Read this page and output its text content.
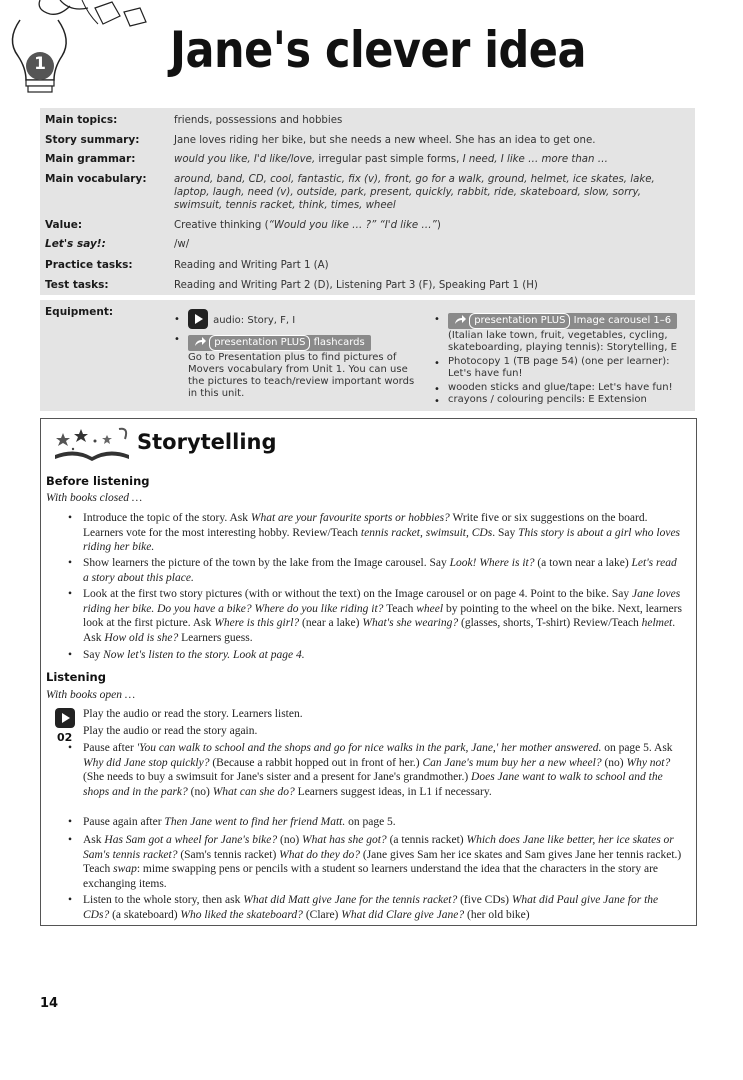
1	Jane's clever idea
Main topics:	friends, possessions and hobbies
Story summary:	Jane loves riding her bike, but she needs a new wheel. She has an idea to get one.
Main grammar:	would you like, I'd like/love, irregular past simple forms, I need, I like … more than …
Main vocabulary:	around, band, CD, cool, fantastic, fix (v), front, go for a walk, ground, helmet, ice skates, lake, laptop, laugh, need (v), outside, park, present, quickly, rabbit, ride, skateboard, slow, sorry, swimsuit, tennis racket, think, times, wheel
Value:	Creative thinking (“Would you like … ?” “I'd like …”)
Let's say!:	/w/
Practice tasks:	Reading and Writing Part 1 (A)
Test tasks:	Reading and Writing Part 2 (D), Listening Part 3 (F), Speaking Part 1 (H)
Equipment:
•	audio: Story, F, I
•	presentation PLUS flashcards
Go to Presentation plus to find pictures of Movers vocabulary from Unit 1. You can use the pictures to teach/review important words in this unit.
•	presentation PLUS Image carousel 1–6
(Italian lake town, fruit, vegetables, cycling, skateboarding, playing tennis): Storytelling, E
• Photocopy 1 (TB page 54) (one per learner): Let's have fun!
• wooden sticks and glue/tape: Let's have fun!
• crayons / colouring pencils: E Extension
Storytelling
Before listening
With books closed …
• Introduce the topic of the story. Ask What are your favourite sports or hobbies? Write five or six suggestions on the board. Learners vote for the most interesting hobby. Review/Teach tennis racket, swimsuit, CDs. Say This story is about a girl who loves riding her bike.
• Show learners the picture of the town by the lake from the Image carousel. Say Look! Where is it? (a town near a lake) Let's read a story about this place.
• Look at the first two story pictures (with or without the text) on the Image carousel or on page 4. Point to the bike. Say Jane loves riding her bike. Do you have a bike? Where do you like riding it? Teach wheel by pointing to the wheel on the bike. Next, learners look at the first picture. Ask Where is this girl? (near a lake) What's she wearing? (glasses, shorts, T-shirt) Review/Teach helmet. Ask How old is she? Learners guess.
• Say Now let's listen to the story. Look at page 4.
Listening
With books open …
02
Play the audio or read the story. Learners listen.
Play the audio or read the story again.
• Pause after 'You can walk to school and the shops and go for nice walks in the park, Jane,' her mother answered. on page 5. Ask Why did Jane stop quickly? (Because a rabbit hopped out in front of her.) Can Jane's mum buy her a new wheel? (no) Why not? (She needs to buy a swimsuit for Jane's sister and a present for Jane's grandmother.) Does Jane want to walk to school and the shops and in the park? (no) What can she do? Learners suggest ideas, in L1 if necessary.
• Pause again after Then Jane went to find her friend Matt. on page 5.
• Ask Has Sam got a wheel for Jane's bike? (no) What has she got? (a tennis racket) Which does Jane like better, her ice skates or Sam's tennis racket? (Sam's tennis racket) What do they do? (Jane gives Sam her ice skates and Sam gives Jane her tennis racket.) Teach swap: mime swapping pens or pencils with a student so learners understand the idea that the characters in the story are exchanging items.
• Listen to the whole story, then ask What did Matt give Jane for the tennis racket? (five CDs) What did Paul give Jane for the CDs? (a skateboard) Who liked the skateboard? (Clare) What did Clare give Jane? (her old bike)
14
